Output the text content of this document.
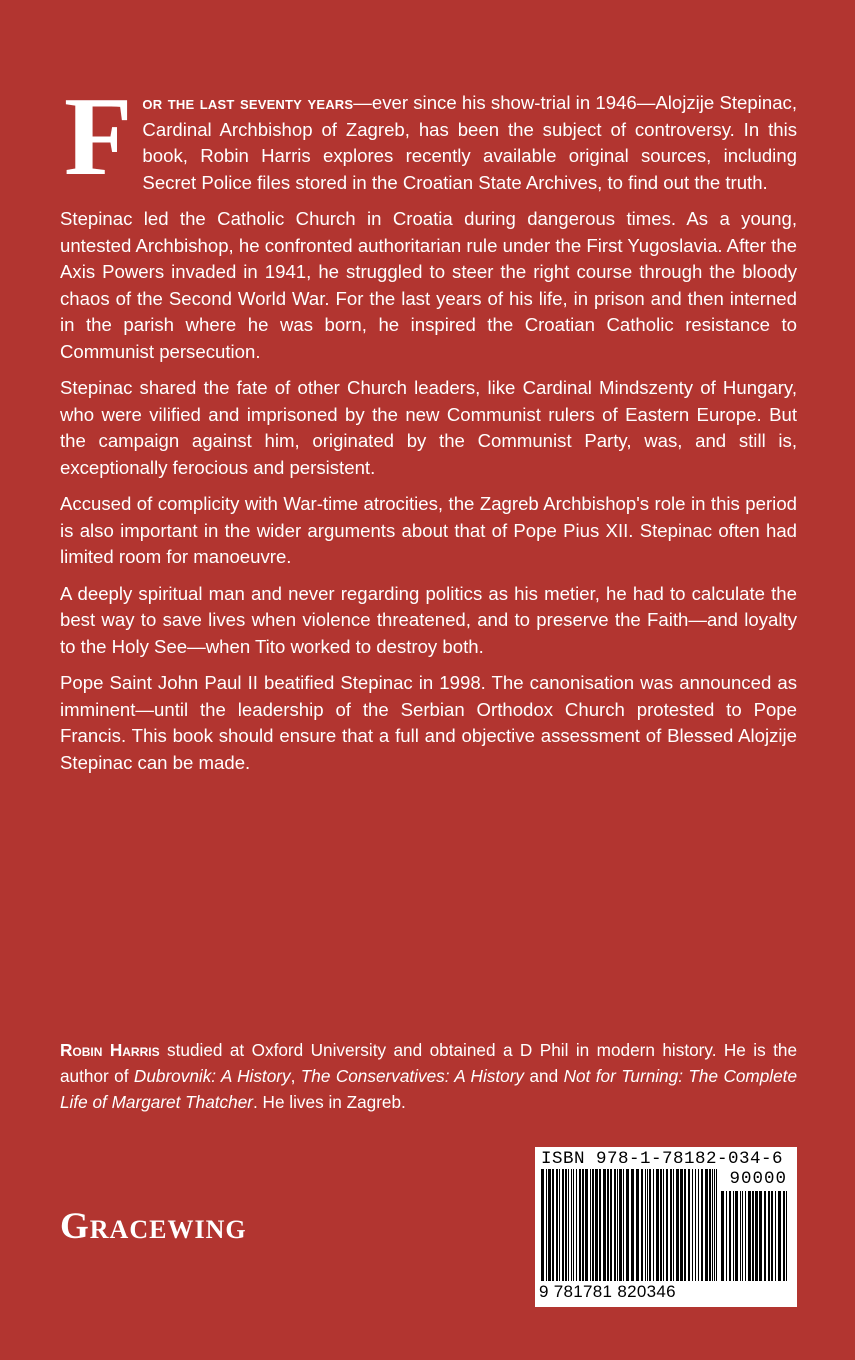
For the last seventy years—ever since his show-trial in 1946—Alojzije Stepinac, Cardinal Archbishop of Zagreb, has been the subject of controversy. In this book, Robin Harris explores recently available original sources, including Secret Police files stored in the Croatian State Archives, to find out the truth.

Stepinac led the Catholic Church in Croatia during dangerous times. As a young, untested Archbishop, he confronted authoritarian rule under the First Yugoslavia. After the Axis Powers invaded in 1941, he struggled to steer the right course through the bloody chaos of the Second World War. For the last years of his life, in prison and then interned in the parish where he was born, he inspired the Croatian Catholic resistance to Communist persecution.

Stepinac shared the fate of other Church leaders, like Cardinal Mindszenty of Hungary, who were vilified and imprisoned by the new Communist rulers of Eastern Europe. But the campaign against him, originated by the Communist Party, was, and still is, exceptionally ferocious and persistent.

Accused of complicity with War-time atrocities, the Zagreb Archbishop's role in this period is also important in the wider arguments about that of Pope Pius XII. Stepinac often had limited room for manoeuvre.

A deeply spiritual man and never regarding politics as his metier, he had to calculate the best way to save lives when violence threatened, and to preserve the Faith—and loyalty to the Holy See—when Tito worked to destroy both.

Pope Saint John Paul II beatified Stepinac in 1998. The canonisation was announced as imminent—until the leadership of the Serbian Orthodox Church protested to Pope Francis. This book should ensure that a full and objective assessment of Blessed Alojzije Stepinac can be made.

Robin Harris studied at Oxford University and obtained a D Phil in modern history. He is the author of Dubrovnik: A History, The Conservatives: A History and Not for Turning: The Complete Life of Margaret Thatcher. He lives in Zagreb.

Gracewing
ISBN 978-1-78182-034-6
90000
9 781781 820346
